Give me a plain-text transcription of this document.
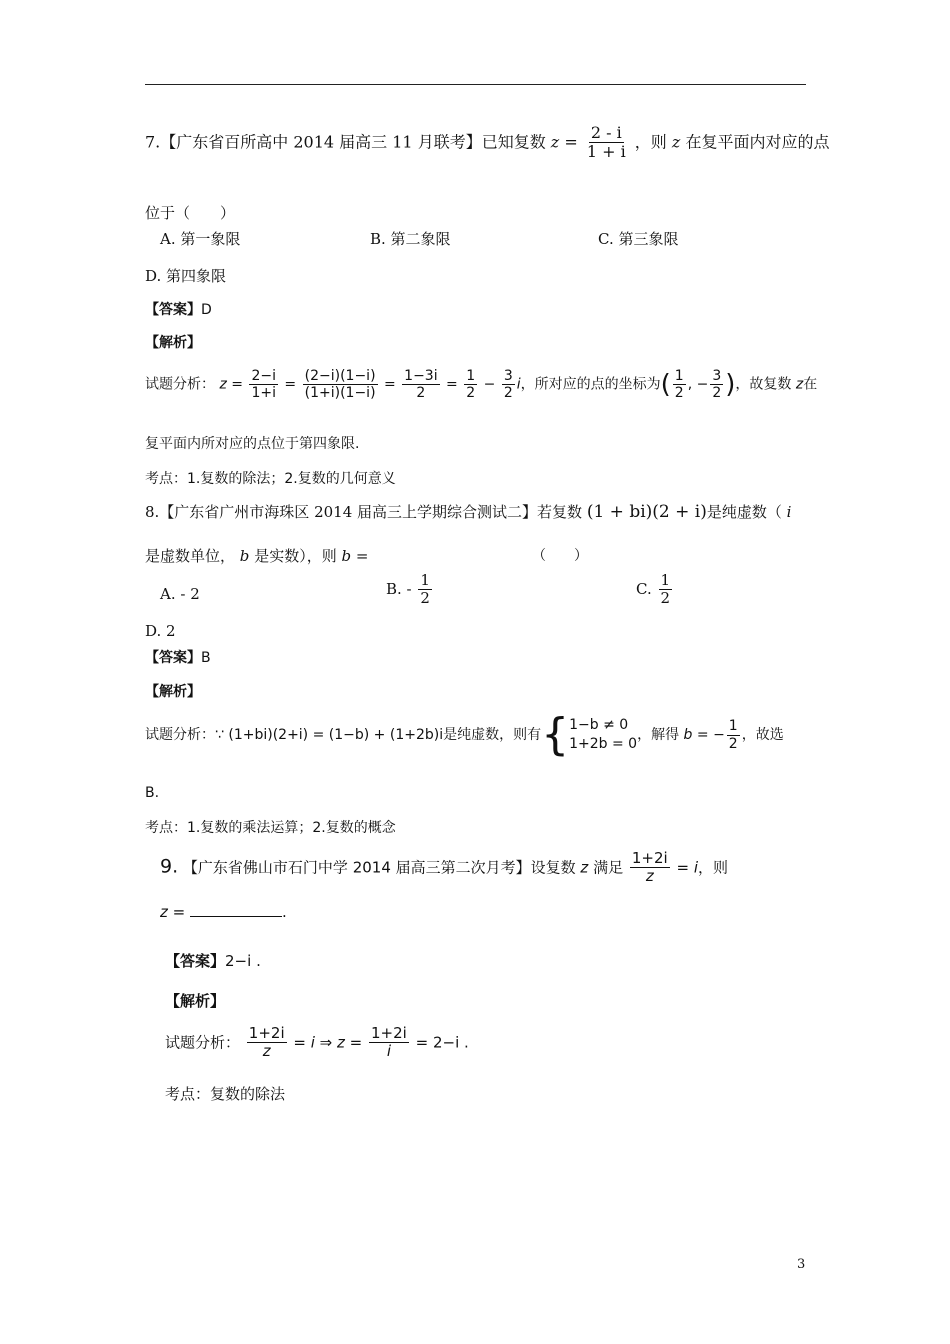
7.【广东省百所高中 2014 届高三 11 月联考】已知复数 $z = \frac{2 - i}{1 + i}$ ，则 z 在复平面内对应的点
位于（　　）
A. 第一象限	B. 第二象限	C. 第三象限
D. 第四象限
【答案】D
【解析】
试题分析： $z = \frac{2-i}{1+i} = \frac{(2-i)(1-i)}{(1+i)(1-i)} = \frac{1-3i}{2} = \frac{1}{2} - \frac{3}{2}$ i，所对应的点的坐标为( $\frac{1}{2}$ , − $\frac{3}{2}$ )，故复数 z在
复平面内所对应的点位于第四象限.
考点：1.复数的除法；2.复数的几何意义
8.【广东省广州市海珠区 2014 届高三上学期综合测试二】若复数 (1 + bi)(2 + i)是纯虚数（ i
是虚数单位， b 是实数），则 b =	（　　）
A. - 2	B. - $\frac{1}{2}$	C. $\frac{1}{2}$
D. 2
【答案】B
【解析】
试题分析：∵ (1+bi)(2+i) = (1−b) + (1+2b)i是纯虚数，则有{ 1−b ≠ 0
1+2b = 0
，解得 b = − $\frac{1}{2}$ ，故选
B.
考点：1.复数的乘法运算；2.复数的概念
9. 【广东省佛山市石门中学 2014 届高三第二次月考】设复数 z 满足 $\frac{1+2i}{z} = i$，则
z =	.
【答案】2−i .
【解析】
试题分析： $\frac{1+2i}{z} = i$ ⇒ $z = \frac{1+2i}{i} = 2-i$ .
考点：复数的除法
3
